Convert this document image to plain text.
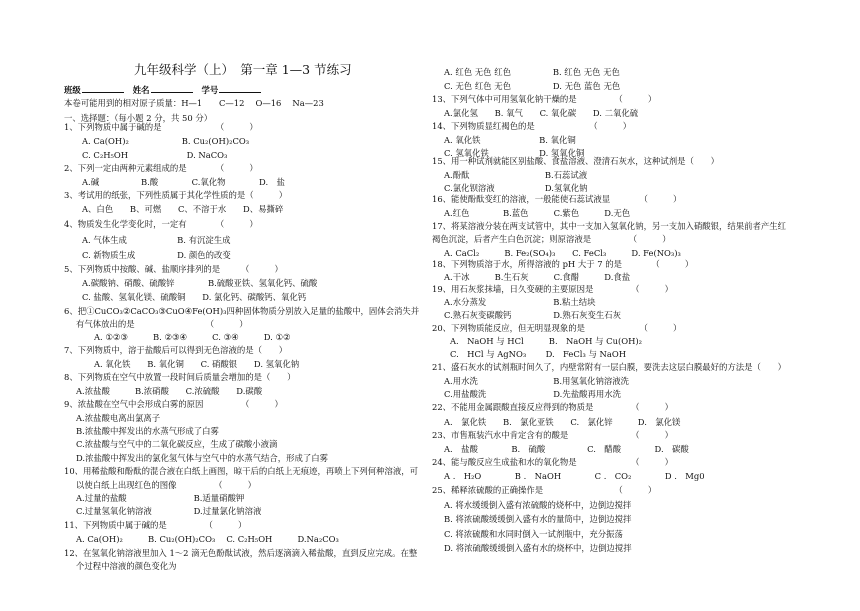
九年级科学（上）　第一章 1—3 节练习
班级	姓名	学号
本卷可能用到的相对原子质量：H—1　　C—12　 O—16　 Na—23
一、选择题：（每小题 2 分，共 50 分）
1、下列物质中属于碱的是　　　　　　　（　　　）
A. Ca(OH)₂　　　　　　 B. Cu₂(OH)₂CO₃
C. C₂H₅OH　　　　　　　D. NaCO₃
2、下列一定由两种元素组成的是　　　　（　　　）
A.碱　　　　　B.酸　　　　C.氧化物　　　　D.　盐
3、考试用的纸张，下列性质属于其化学性质的是（　　　）
A、白色　　B、可燃　　C、不溶于水　　D、易撕碎
4、物质发生化学变化时，一定有　　　　（　　　）
A. 气体生成　　　　　　B. 有沉淀生成
C. 新物质生成　　　　　D. 颜色的改变
5、下列物质中按酸、碱、盐顺序排列的是　　　（　　　）
A.碳酸钠、硝酸、硫酸锌　　　　B.硫酸亚铁、氢氧化钙、硫酸
C. 盐酸、氢氧化镁、硫酸铜　　D. 氯化钙、碳酸钙、氧化钙
6、把①CuCO₃②CaCO₃③CuO④Fe(OH)₃四种固体物质分别放入足量的盐酸中，固体会消失并
有气体放出的是　　　　　　　　　（　　　）
A. ①②③　　　B. ②③④　　　C. ③④　　　D. ①②
7、下列物质中，溶于盐酸后可以得到无色溶液的是（　　）
A. 氧化铁　　B. 氧化铜　　C. 硝酸银　　D. 氢氧化钠
8、下列物质在空气中放置一段时间后质量会增加的是（　　）
A.浓盐酸　　　B.浓硝酸　　C.浓硫酸　　D.碳酸
9、浓盐酸在空气中会形成白雾的原因　　　　　（　　　）
A.浓盐酸电离出氯离子
B.浓盐酸中挥发出的水蒸气形成了白雾
C.浓盐酸与空气中的二氧化碳反应，生成了碳酸小液滴
D.浓盐酸中挥发出的氯化氢气体与空气中的水蒸气结合，形成了白雾
10、用稀盐酸和酚酞的混合液在白纸上画图，晾干后的白纸上无痕迹，再喷上下列何种溶液，可
以使白纸上出现红色的图像　　　　　（　　　）
A.过量的盐酸　　　　　　　　B.适量硝酸钾
C.过量氢氧化钠溶液　　　　　D.过量氯化钠溶液
11、下列物质中属于碱的是　　　　　（　　　）
A. Ca(OH)₂　　　B. Cu₂(OH)₂CO₃　 C. C₂H₅OH　　　D.Na₂CO₃
12、在氢氧化钠溶液里加入 1～2 滴无色酚酞试液，然后逐滴滴入稀盐酸，直到反应完成。在整
个过程中溶液的颜色变化为
A. 红色 无色 红色　　　　　B. 红色 无色 无色
C. 无色 红色 无色　　　　　D. 无色 蓝色 无色
13、下列气体中可用氢氧化钠干燥的是　　　　　（　　　）
A.氯化氢　　B. 氧气　　C. 氧化碳　　D. 二氧化硫
14、下列物质显红褐色的是　　　　　　　（　　　）
A. 氧化铁　　　　　　　B. 氧化铜
C. 氢氧化铁　　　　　　D. 氢氧化铜
15、用一种试剂就能区别盐酸、食盐溶液、澄清石灰水，这种试剂是（　　）
A.酚酞　　　　　　　　　B.石蕊试液
C.氯化钡溶液　　　　　　D.氢氧化钠
16、能使酚酞变红的溶液，一般能使石蕊试液显　　　　（　　　）
A.红色　　　　B.蓝色　　　C.紫色　　　D.无色
17、将某溶液分装在两支试管中，其中一支加入氢氧化钠，另一支加入硝酸银，结果前者产生红
褐色沉淀，后者产生白色沉淀；则原溶液是　　　　　（　　　）
A. CaCl₂　　　B. Fe₂(SO₄)₃　　C. FeCl₃　　　D. Fe(NO₃)₃
18、下列物质溶于水，所得溶液的 pH 大于 7 的是　　　　（　　　）
A.干冰　　　B.生石灰　　　C.食醋　　　D.食盐
19、用石灰浆抹墙，日久变硬的主要原因是　　　　　（　　　）
A.水分蒸发　　　　　　　　B.粘土结块
C.熟石灰变碳酸钙　　　　　D.熟石灰变生石灰
20、下列物质能反应，但无明显现象的是　　　　　　　（　　　）
A.　NaOH 与 HCl　　　B.　NaOH 与 Cu(OH)₂
C.　HCl 与 AgNO₃　　 D.　FeCl₃ 与 NaOH
21、盛石灰水的试剂瓶时间久了，内壁常附有一层白膜，要洗去这层白膜最好的方法是（　　）
A.用水洗　　　　　　　　　B.用氢氧化钠溶液洗
C.用盐酸洗　　　　　　　　D.先盐酸再用水洗
22、不能用金属跟酸直接反应得到的物质是　　　　　（　　　）
A.　氯化铁　　B.　氯化亚铁　　C.　氯化锌　　　D.　氯化镁
23、市售瓶装汽水中肯定含有的酸是　　　　　　　　（　　　）
A.　盐酸　　　　B.　硫酸　　　　　C.　醋酸　　　　D.　碳酸
24、能与酸反应生成盐和水的氧化物是　　　　　　　（　　　）
A .　H₂O　　　　B .　NaOH　　　　C .　CO₂　　　　D .　Mg0
25、稀释浓硫酸的正确操作是　　　　　　　　　（　　　）
A. 将水缓缓倒入盛有浓硫酸的烧杯中，边倒边搅拌
B. 将浓硫酸缓缓倒入盛有水的量筒中，边倒边搅拌
C. 将浓硫酸和水同时倒入一试剂瓶中，充分振荡
D. 将浓硫酸缓缓倒入盛有水的烧杯中，边倒边搅拌
